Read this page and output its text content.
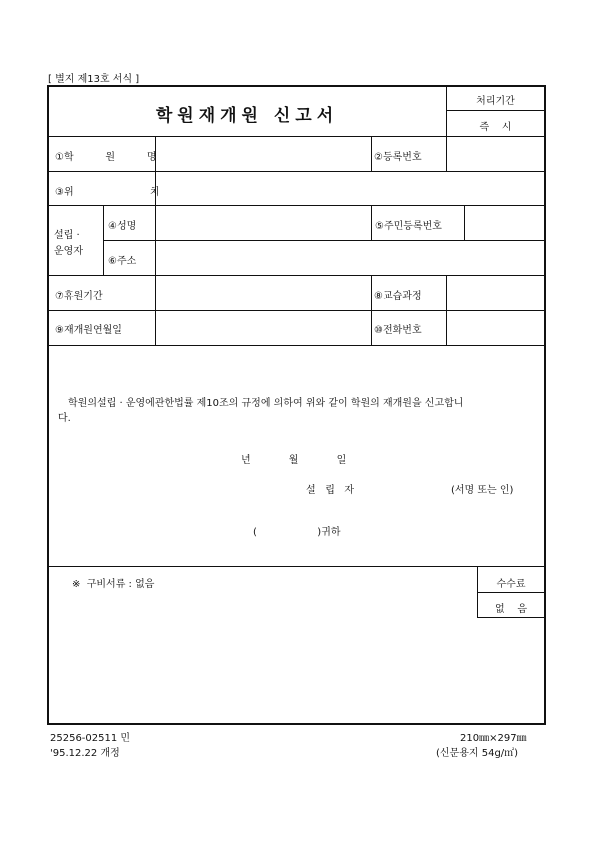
[ 별지 제13호 서식 ]
학원재개원 신고서
처리기간
즉    시
①학          원          명	②등록번호
③위                        치
설립 ·
운영자
④성명	⑤주민등록번호
⑥주소
⑦휴원기간	⑧교습과정
⑨재개원연월일	⑩전화번호
학원의설립 · 운영에관한법률 제10조의 규정에 의하여 위와 같이 학원의 재개원을 신고합니
다.
년            월            일
설   립   자	(서명 또는 인)
(                   )귀하
※  구비서류 : 없음	수수료
없    음
25256-02511 민
'95.12.22 개정
210㎜×297㎜
(신문용지 54g/㎡)
